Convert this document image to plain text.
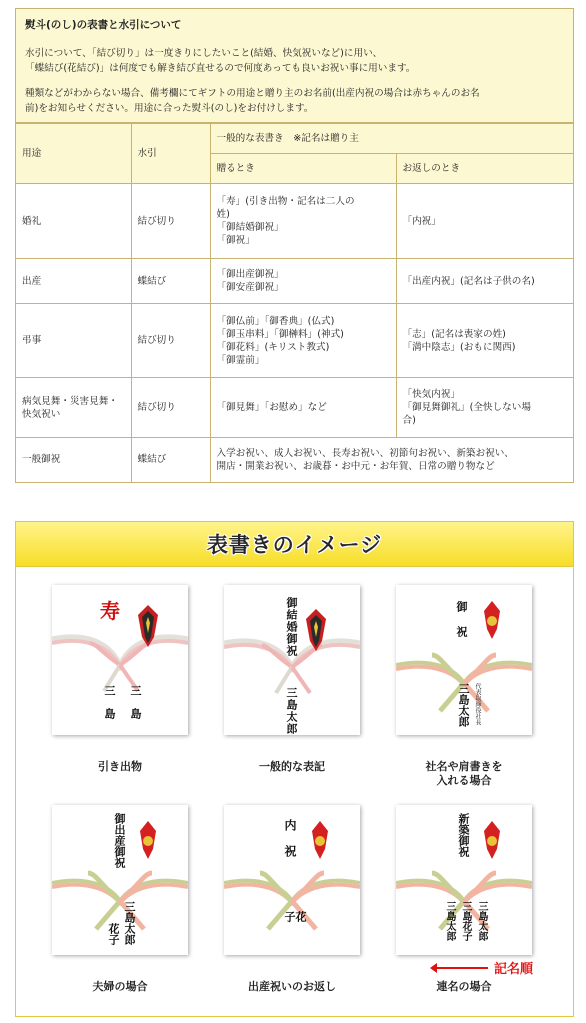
熨斗(のし)の表書と水引について

水引について、「結び切り」は一度きりにしたいこと(結婚、快気祝いなど)に用い、
「蝶結び(花結び)」は何度でも解き結び直せるので何度あっても良いお祝い事に用います。

種類などがわからない場合、備考欄にてギフトの用途と贈り主のお名前(出産内祝の場合は赤ちゃんのお名
前)をお知らせください。用途に合った熨斗(のし)をお付けします。

用途	水引	一般的な表書き　※記名は贈り主	
		贈るとき	お返しのとき
婚礼	結び切り	「寿」(引き出物・記名は二人の
姓)
「御結婚御祝」
「御祝」	「内祝」
出産	蝶結び	「御出産御祝」
「御安産御祝」	「出産内祝」(記名は子供の名)
弔事	結び切り	「御仏前」「御香典」(仏式)
「御玉串料」「御榊料」(神式)
「御花料」(キリスト教式)
「御霊前」	「志」(記名は喪家の姓)
「満中陰志」(おもに関西)
病気見舞・災害見舞・快気祝い	結び切り	「御見舞」「お慰め」など	「快気内祝」
「御見舞御礼」(全快しない場
合)
一般御祝	蝶結び	入学お祝い、成人お祝い、長寿お祝い、初節句お祝い、新築お祝い、
開店・開業お祝い、お歳暮・お中元・お年賀、日常の贈り物など	
表書きのイメージ
寿
三島
三島
引き出物
御結婚御祝
三島太郎
一般的な表記
御祝
三島太郎 代表取締役社長
社名や肩書きを
入れる場合
御出産御祝
三島太郎
花子
夫婦の場合
内祝
花子
出産祝いのお返し
新築御祝
三島太郎
三島花子
三島太郎
記名順
連名の場合
